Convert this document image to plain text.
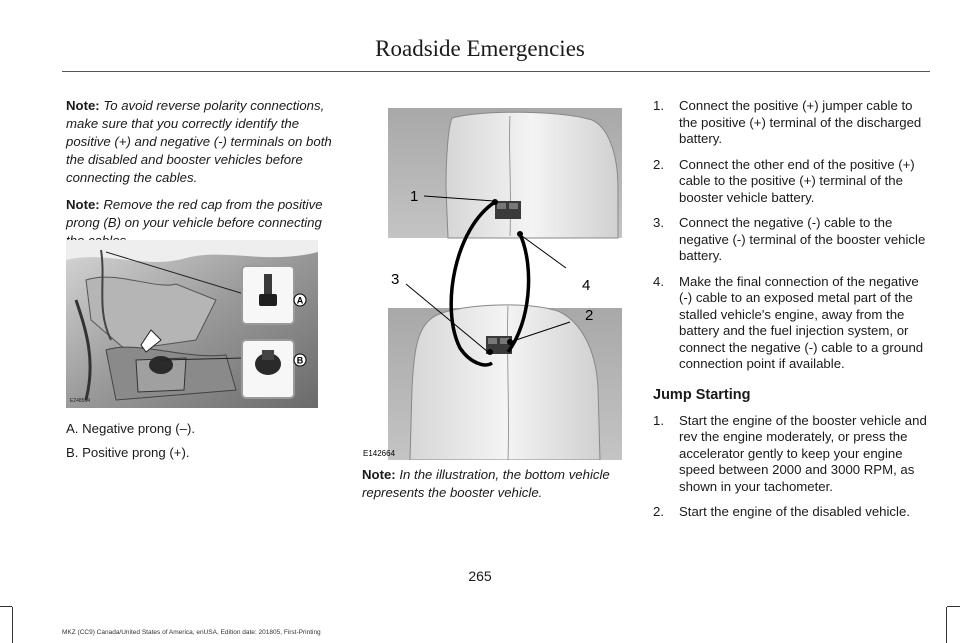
Roadside Emergencies

Note: To avoid reverse polarity connections, make sure that you correctly identify the positive (+) and negative (-) terminals on both the disabled and booster vehicles before connecting the cables.

Note: Remove the red cap from the positive prong (B) on your vehicle before connecting

A
B
E248564
A. Negative prong (–).
B. Positive prong (+).
1
2
3	4
E142664

Note: In the illustration, the bottom vehicle represents the booster vehicle.

1. Connect the positive (+) jumper cable to the positive (+) terminal of the discharged battery.
2. Connect the other end of the positive (+) cable to the positive (+) terminal of the booster vehicle battery.
3. Connect the negative (-) cable to the negative (-) terminal of the booster vehicle battery.
4. Make the final connection of the negative (-) cable to an exposed metal part of the stalled vehicle's engine, away from the battery and the fuel injection system, or connect the negative (-) cable to a ground connection point if available.
Jump Starting
1. Start the engine of the booster vehicle and rev the engine moderately, or press the accelerator gently to keep your engine speed between 2000 and 3000 RPM, as shown in your tachometer.
2. Start the engine of the disabled vehicle.
265
MKZ (CC9) Canada/United States of America, enUSA, Edition date: 201805, First-Printing
